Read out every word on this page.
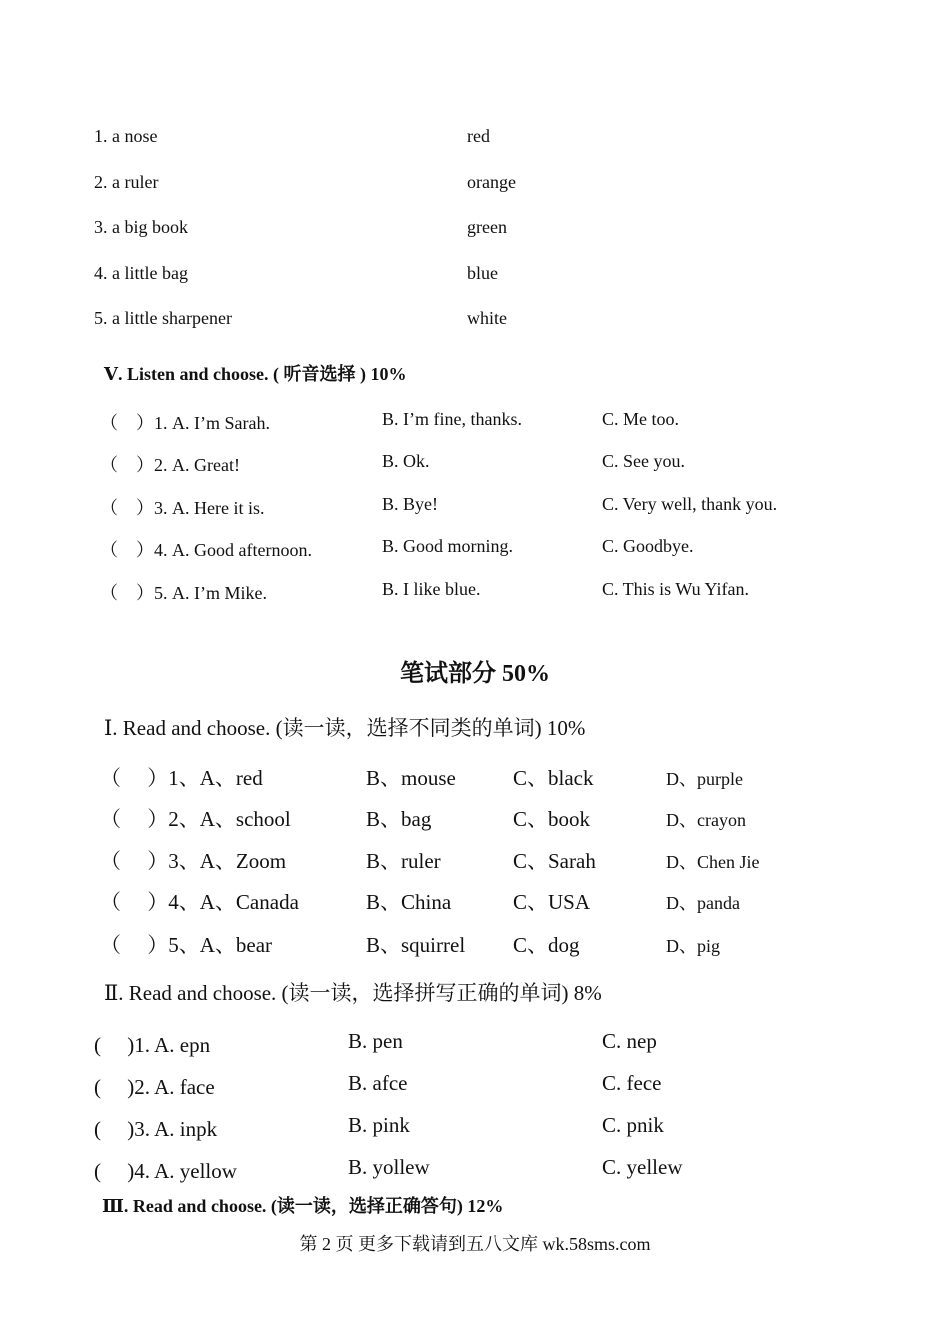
1. a nose	red
2. a ruler	orange
3. a big book	green
4. a little bag	blue
5. a little sharpener	white
Ⅴ. Listen and choose. ( 听音选择 ) 10%
（　）1. A. I’m Sarah.	B. I’m fine, thanks.	C. Me too.
（　）2. A. Great!	B. Ok.	C. See you.
（　）3. A. Here it is.	B. Bye!	C. Very well, thank you.
（　）4. A. Good afternoon.	B. Good morning.	C. Goodbye.
（　）5. A. I’m Mike.	B. I like blue.	C. This is Wu Yifan.
笔试部分 50%
Ⅰ. Read and choose. (读一读，选择不同类的单词) 10%
（　 ）1、A、red	B、mouse	C、black	D、purple
（　 ）2、A、school	B、bag	C、book	D、crayon
（　 ）3、A、Zoom	B、ruler	C、Sarah	D、Chen Jie
（　 ）4、A、Canada	B、China	C、USA	D、panda
（　 ）5、A、bear	B、squirrel C、dog	D、pig
Ⅱ. Read and choose. (读一读，选择拼写正确的单词) 8%
(　 )1. A. epn	B. pen	C. nep
(　 )2. A. face	B. afce	C. fece
(　 )3. A. inpk	B. pink	C. pnik
(　 )4. A. yellow	B. yollew	C. yellew
Ⅲ. Read and choose. (读一读，选择正确答句) 12%
第 2 页 更多下载请到五八文库 wk.58sms.com
